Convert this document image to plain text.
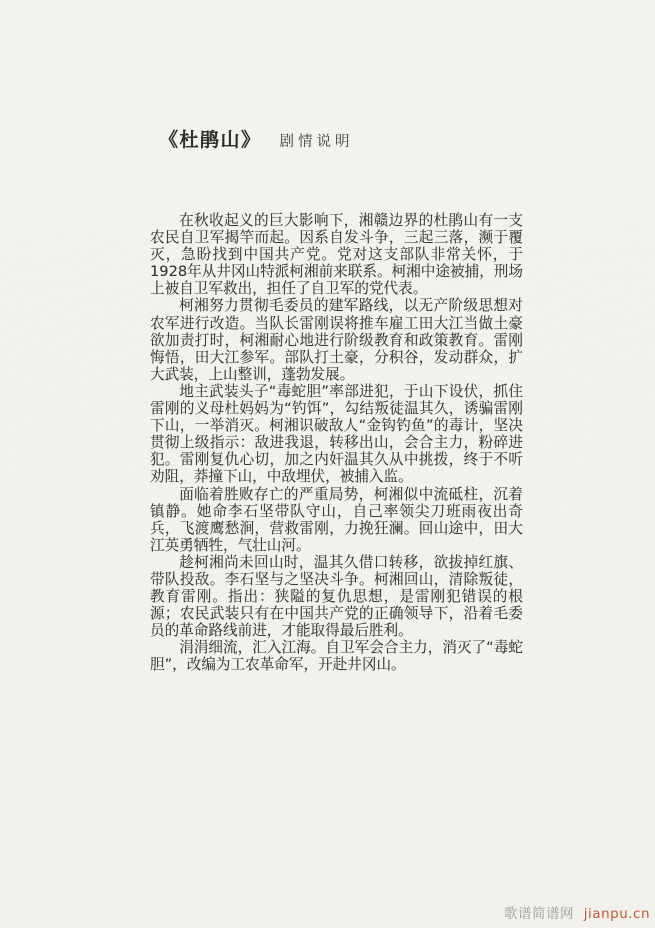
《杜鹃山》 剧情说明

在秋收起义的巨大影响下，湘赣边界的杜鹃山有一支农民自卫军揭竿而起。因系自发斗争，三起三落，濒于覆灭，急盼找到中国共产党。党对这支部队非常关怀，于1928年从井冈山特派柯湘前来联系。柯湘中途被捕，刑场上被自卫军救出，担任了自卫军的党代表。

柯湘努力贯彻毛委员的建军路线，以无产阶级思想对农军进行改造。当队长雷刚误将推车雇工田大江当做土豪欲加责打时，柯湘耐心地进行阶级教育和政策教育。雷刚悔悟，田大江参军。部队打土豪，分积谷，发动群众，扩大武装，上山整训，蓬勃发展。

地主武装头子“毒蛇胆”率部进犯，于山下设伏，抓住雷刚的义母杜妈妈为“钓饵”，勾结叛徒温其久，诱骗雷刚下山，一举消灭。柯湘识破敌人“金钩钓鱼”的毒计，坚决贯彻上级指示：敌进我退，转移出山，会合主力，粉碎进犯。雷刚复仇心切，加之内奸温其久从中挑拨，终于不听劝阻，莽撞下山，中敌埋伏，被捕入监。

面临着胜败存亡的严重局势，柯湘似中流砥柱，沉着镇静。她命李石坚带队守山，自己率领尖刀班雨夜出奇兵，飞渡鹰愁涧，营救雷刚，力挽狂澜。回山途中，田大江英勇牺牲，气壮山河。

趁柯湘尚未回山时，温其久借口转移，欲拔掉红旗、带队投敌。李石坚与之坚决斗争。柯湘回山，清除叛徒，教育雷刚。指出：狭隘的复仇思想，是雷刚犯错误的根源；农民武装只有在中国共产党的正确领导下，沿着毛委员的革命路线前进，才能取得最后胜利。

涓涓细流，汇入江海。自卫军会合主力，消灭了“毒蛇胆”，改编为工农革命军，开赴井冈山。

歌谱简谱网 jianpu.cn
